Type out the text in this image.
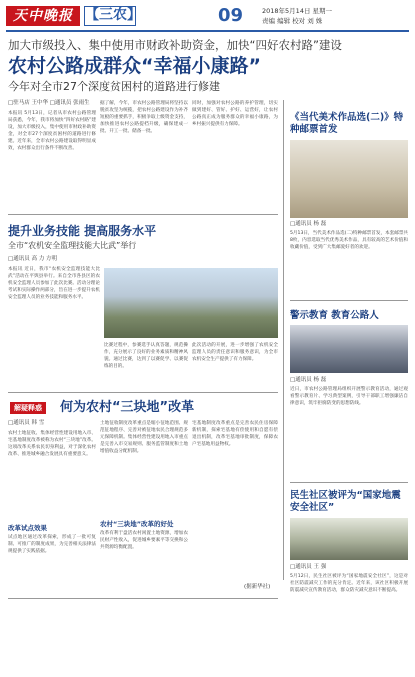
天中晚报 【三农】	09	2018年5月14日 星期一
责编 编辑 校对 刘 姝
加大市级投入、集中使用市财政补助资金，加快“四好农村路”建设
农村公路成群众“幸福小康路”
今年对全市27个深度贫困村的道路进行修建
□驻马店 王中华 □通讯员 张雨生
本报讯 5月13日，记者从市农村公路管理局获悉，今年，我市将加快“四好农村路”建设，加大市级投入，集中使用市财政补助资金，对全市27个深度贫困村的道路进行修建。近年来，全市农村公路建设取得明显成效，农村群众出行条件不断改善。
据了解，今年，市农村公路管理局将坚持以脱贫攻坚为统揽，把农村公路建设作为补齐短板的重要抓手，积极争取上级资金支持，加快推进农村公路提档升级，确保建成一批、开工一批、储备一批。
同时，加强对农村公路的养护管理，切实做到建好、管好、护好、运营好，让农村公路真正成为服务群众的幸福小康路，为乡村振兴提供有力保障。
《当代美术作品选(二)》特种邮票首发
□通讯员 杨 磊
5月13日，当代美术作品选(二)特种邮票首发，本套邮票共8枚，内容选取当代优秀美术作品，具有较高的艺术价值和收藏价值，受到广大集邮爱好者的欢迎。
提升业务技能 提高服务水平
全市“农机安全监理技能大比武”举行
□通讯员 高 力 方明
本报讯 近日，我市“农机安全监理技能大比武”活动在平舆县举行。来自全市各县区的农机安全监理人员参加了此次比赛。活动分理论考试和实际操作两部分，旨在进一步提升农机安全监理人员的业务技能和服务水平。
比赛过程中，参赛选手认真答题，规范操作，充分展示了良好的业务素质和精神风貌。通过比赛，达到了以赛促学、以赛促练的目的。
此次活动的开展，进一步增强了农机安全监理人员的责任意识和服务意识，为全市农机安全生产提供了有力保障。
警示教育 教育公路人
□通讯员 杨 磊
近日，市农村公路管理局组织开展警示教育活动，通过观看警示教育片、学习典型案例，引导干部职工增强廉洁自律意识，筑牢拒腐防变的思想防线。
解疑释惑	何为农村“三块地”改革
□通讯员 韩 雪
农村土地征收、集体经营性建设用地入市、宅基地制度改革被称为农村“三块地”改革。这项改革关系农民切身利益，对于深化农村改革、推进城乡融合发展具有重要意义。
改革试点效果
试点地区通过改革探索，形成了一批可复制、可推广的制度成果，为完善相关法律法规提供了实践依据。
土地征收制度改革重点是缩小征地范围、规范征地程序、完善对被征地农民合理规范多元保障机制。集体经营性建设用地入市重点是完善入市交易规则、服务监管制度和土地增值收益分配机制。
农村“三块地”改革的好处
改革有利于盘活农村闲置土地资源，增加农民财产性收入，促进城乡要素平等交换和公共资源均衡配置。
宅基地制度改革重点是完善农民住房保障新机制，探索宅基地有偿使用和自愿有偿退出机制，改革宅基地审批制度，保障农户宅基地用益物权。
(据新华社)
民生社区被评为“国家地震安全社区”
□通讯员 王 强
5月12日，民生社区被评为“国家地震安全社区”，这是对社区防震减灾工作的充分肯定。近年来，该社区积极开展防震减灾宣传教育活动，群众防灾减灾意识不断提高。
